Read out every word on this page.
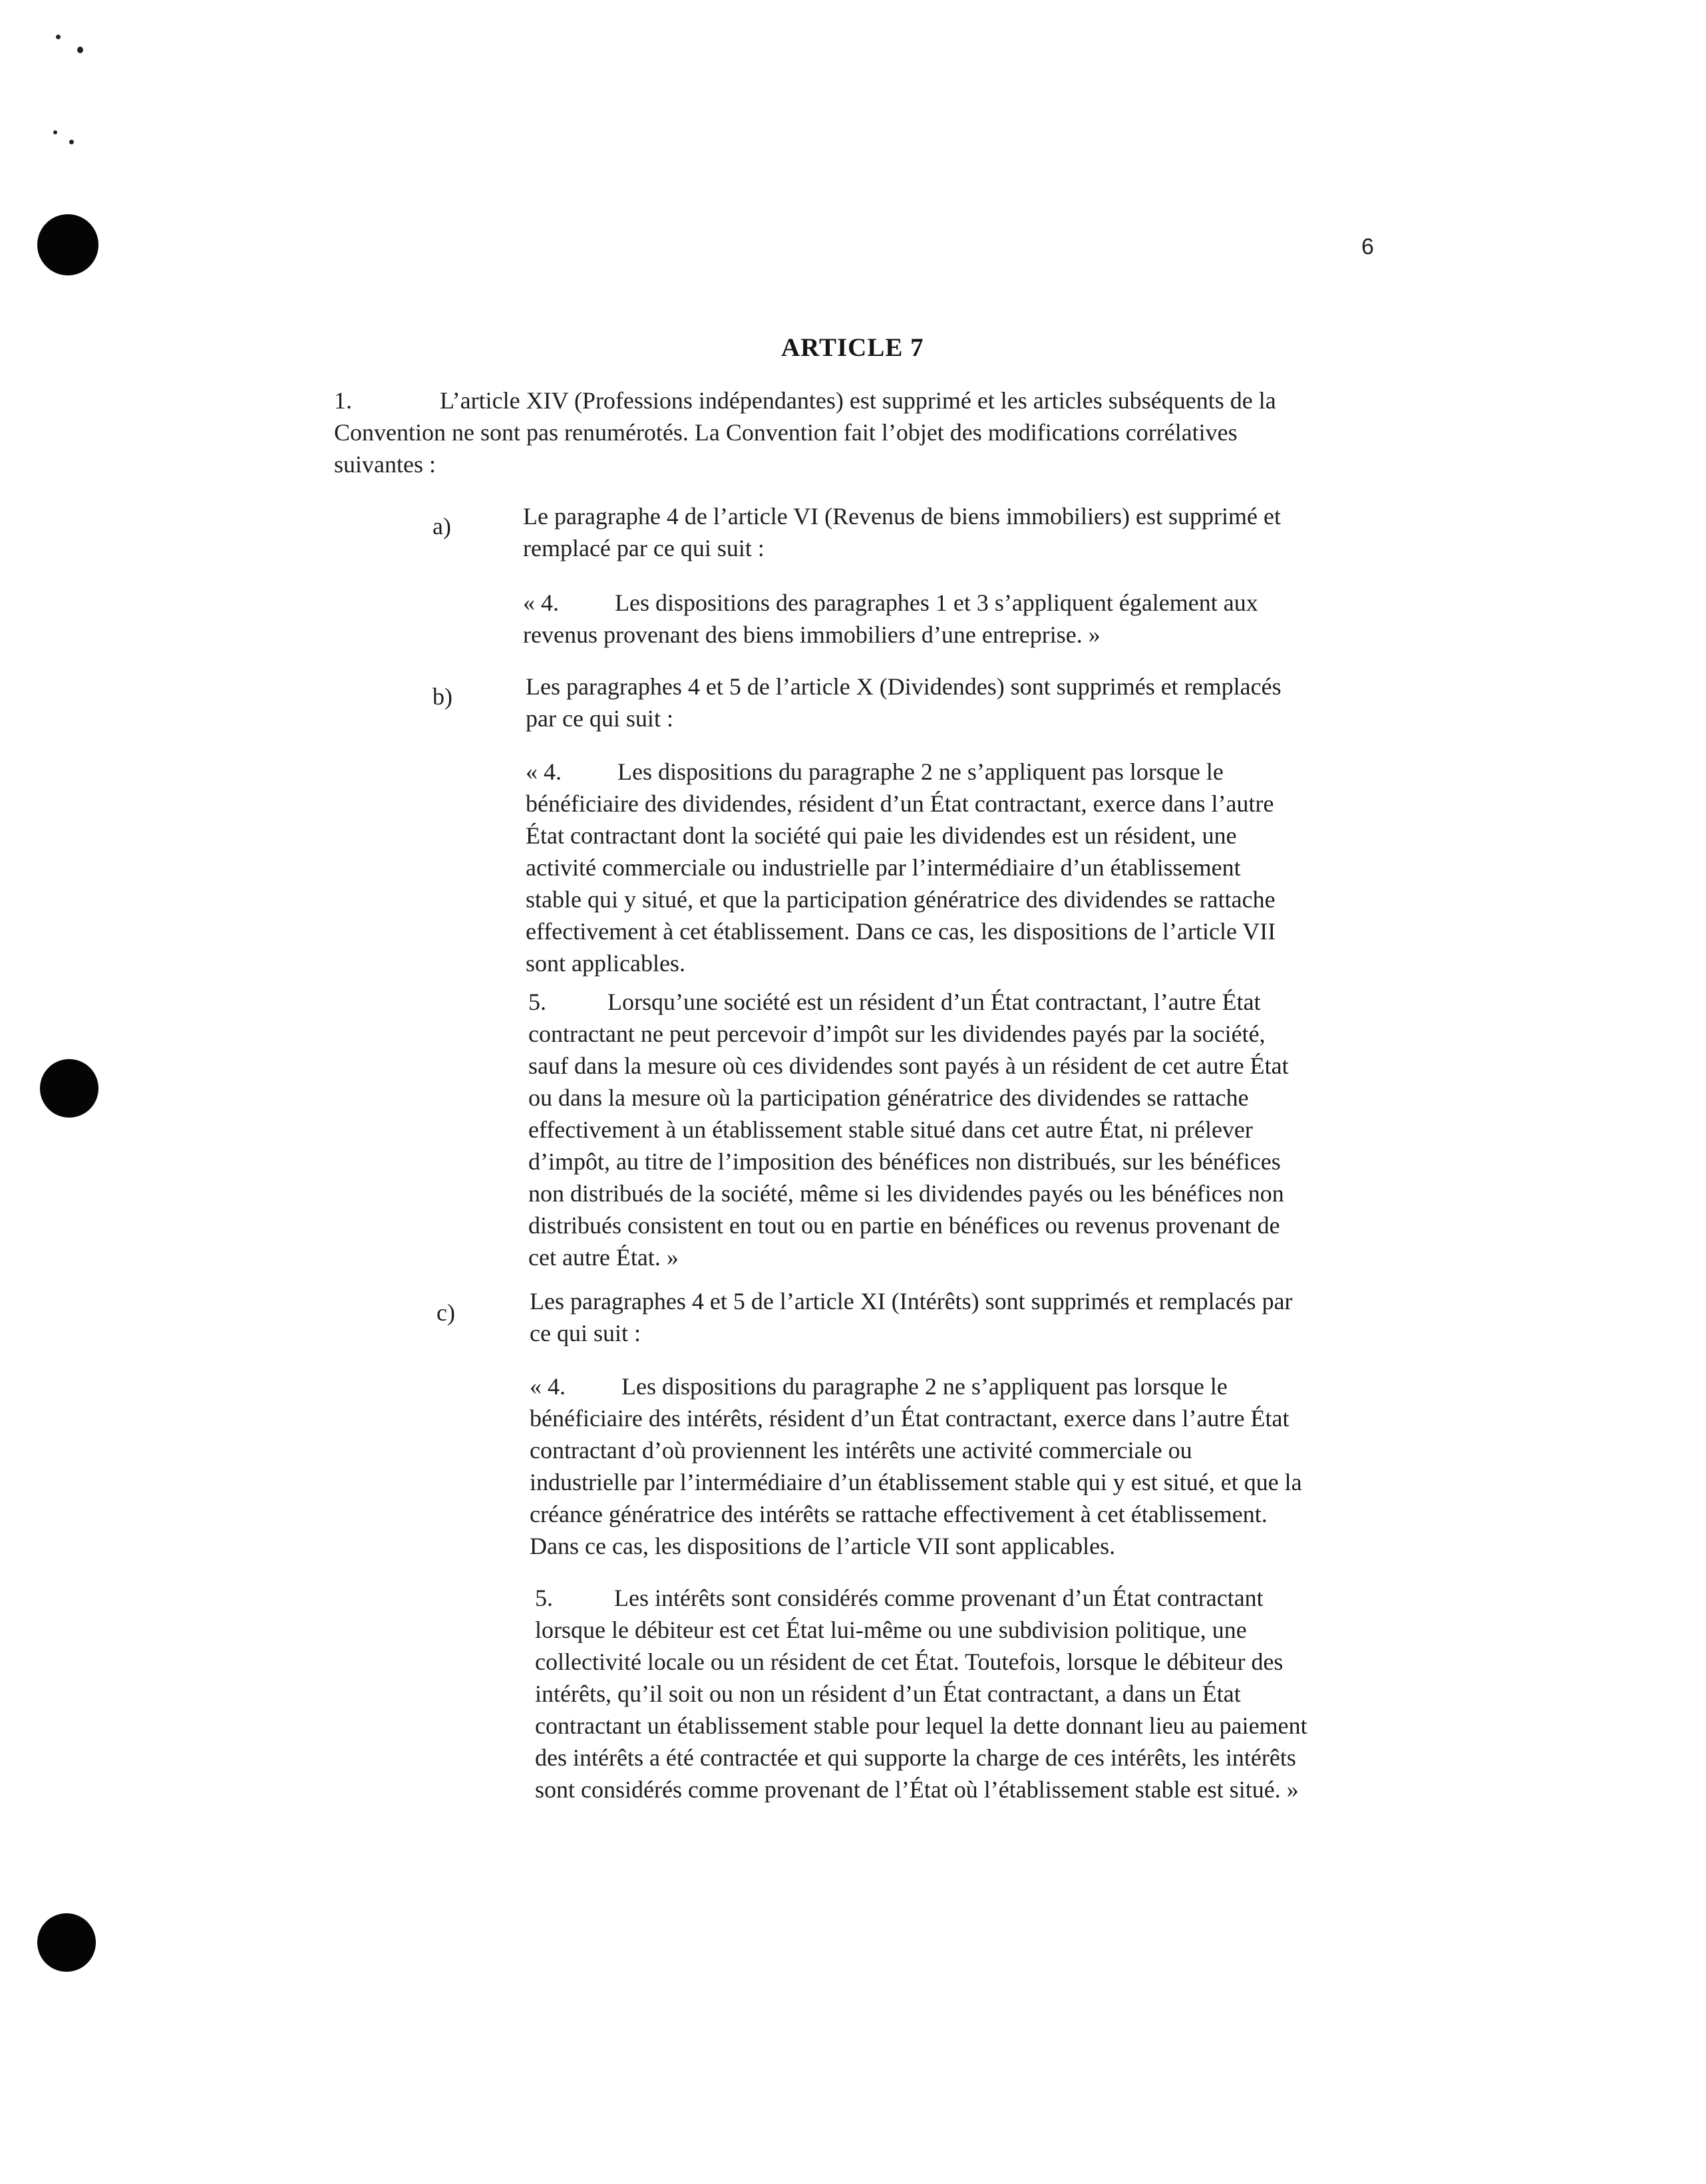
6
ARTICLE 7
1.	L’article XIV (Professions indépendantes) est supprimé et les articles subséquents de la
Convention ne sont pas renumérotés. La Convention fait l’objet des modifications corrélatives
suivantes :
a)	Le paragraphe 4 de l’article VI (Revenus de biens immobiliers) est supprimé et
remplacé par ce qui suit :
« 4. Les dispositions des paragraphes 1 et 3 s’appliquent également aux
revenus provenant des biens immobiliers d’une entreprise. »
b)	Les paragraphes 4 et 5 de l’article X (Dividendes) sont supprimés et remplacés
par ce qui suit :
« 4. Les dispositions du paragraphe 2 ne s’appliquent pas lorsque le
bénéficiaire des dividendes, résident d’un État contractant, exerce dans l’autre
État contractant dont la société qui paie les dividendes est un résident, une
activité commerciale ou industrielle par l’intermédiaire d’un établissement
stable qui y situé, et que la participation génératrice des dividendes se rattache
effectivement à cet établissement. Dans ce cas, les dispositions de l’article VII
sont applicables.
5.	Lorsqu’une société est un résident d’un État contractant, l’autre État
contractant ne peut percevoir d’impôt sur les dividendes payés par la société,
sauf dans la mesure où ces dividendes sont payés à un résident de cet autre État
ou dans la mesure où la participation génératrice des dividendes se rattache
effectivement à un établissement stable situé dans cet autre État, ni prélever
d’impôt, au titre de l’imposition des bénéfices non distribués, sur les bénéfices
non distribués de la société, même si les dividendes payés ou les bénéfices non
distribués consistent en tout ou en partie en bénéfices ou revenus provenant de
cet autre État. »
c)	Les paragraphes 4 et 5 de l’article XI (Intérêts) sont supprimés et remplacés par
ce qui suit :
« 4. Les dispositions du paragraphe 2 ne s’appliquent pas lorsque le
bénéficiaire des intérêts, résident d’un État contractant, exerce dans l’autre État
contractant d’où proviennent les intérêts une activité commerciale ou
industrielle par l’intermédiaire d’un établissement stable qui y est situé, et que la
créance génératrice des intérêts se rattache effectivement à cet établissement.
Dans ce cas, les dispositions de l’article VII sont applicables.
5.	Les intérêts sont considérés comme provenant d’un État contractant
lorsque le débiteur est cet État lui-même ou une subdivision politique, une
collectivité locale ou un résident de cet État. Toutefois, lorsque le débiteur des
intérêts, qu’il soit ou non un résident d’un État contractant, a dans un État
contractant un établissement stable pour lequel la dette donnant lieu au paiement
des intérêts a été contractée et qui supporte la charge de ces intérêts, les intérêts
sont considérés comme provenant de l’État où l’établissement stable est situé. »
